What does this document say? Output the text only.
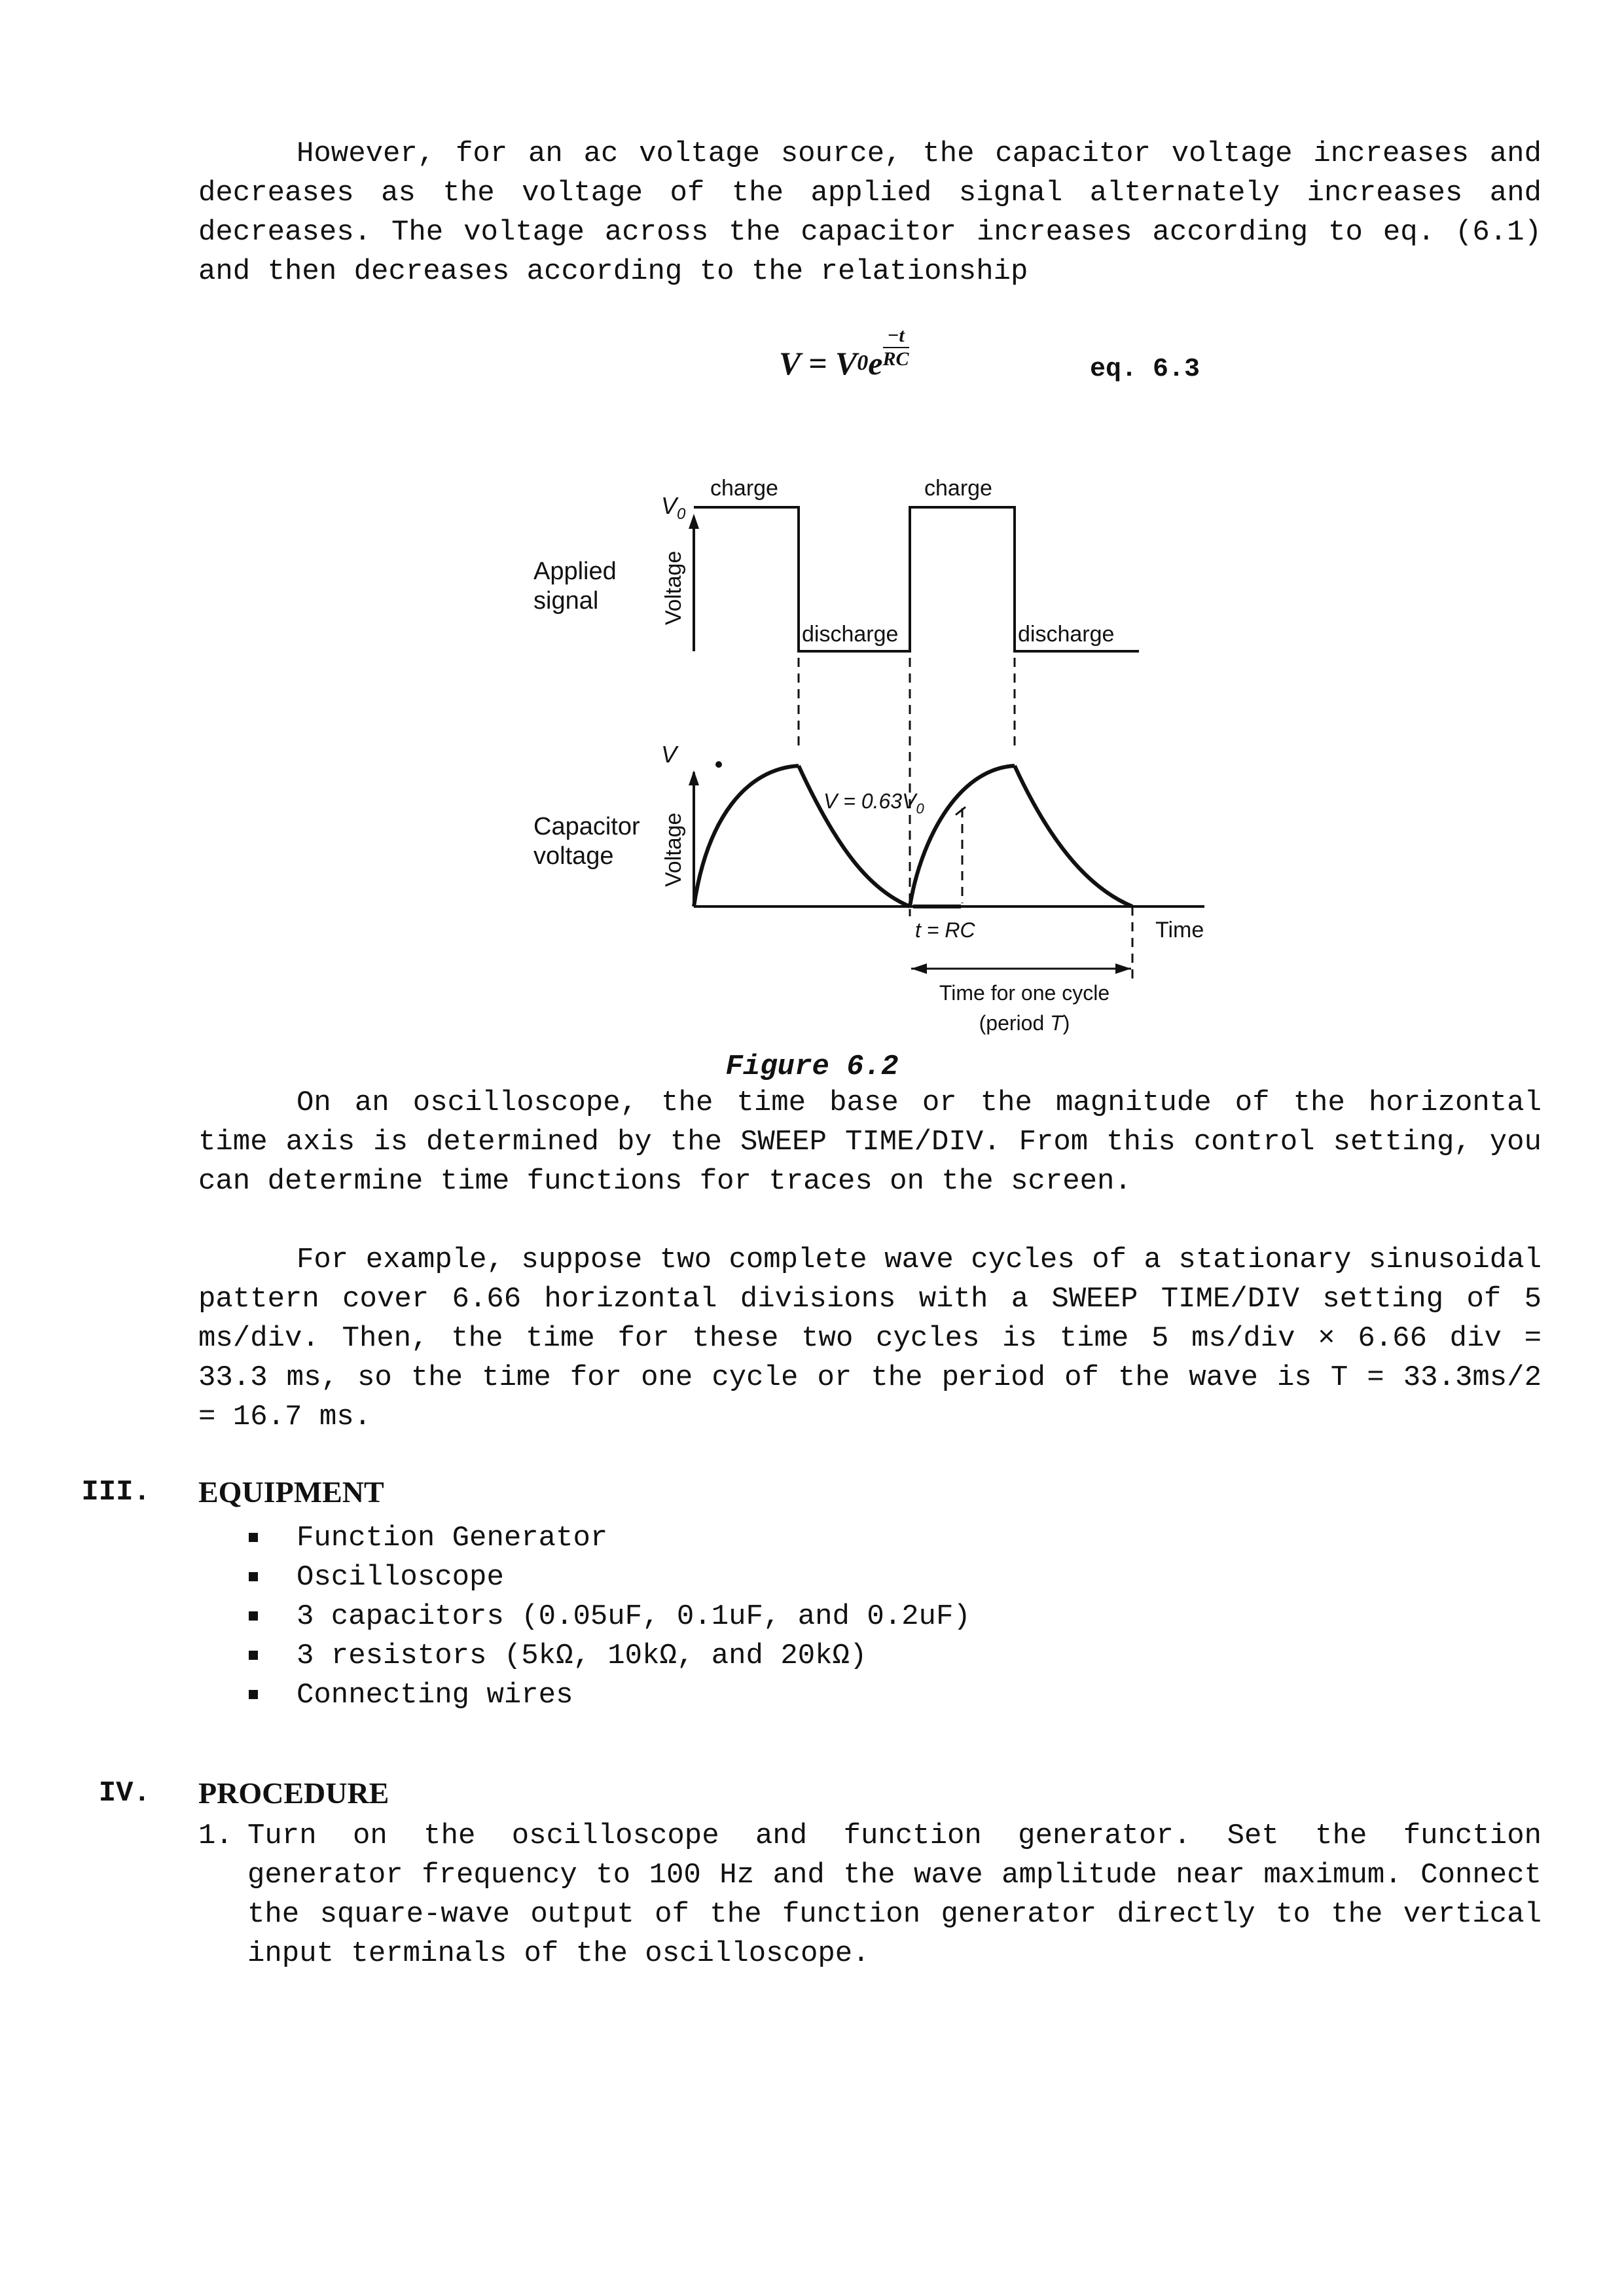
However, for an ac voltage source, the capacitor voltage increases and decreases as the voltage of the applied signal alternately increases and decreases. The voltage across the capacitor increases according to eq. (6.1) and then decreases according to the relationship

V = V 0 e $\frac{-t}{RC}$
eq. 6.3
Applied
signal	Voltage
$V_0$
charge	charge
discharge	discharge
Capacitor
voltage Voltage
V
$V = 0.63V_0$
t = RC	Time
Time for one cycle
(period T)
Figure 6.2

On an oscilloscope, the time base or the magnitude of the horizontal time axis is determined by the SWEEP TIME/DIV. From this control setting, you can determine time functions for traces on the screen.

For example, suppose two complete wave cycles of a stationary sinusoidal pattern cover 6.66 horizontal divisions with a SWEEP TIME/DIV setting of 5 ms/div. Then, the time for these two cycles is time 5 ms/div × 6.66 div = 33.3 ms, so the time for one cycle or the period of the wave is T = 33.3ms/2 = 16.7 ms.

III. EQUIPMENT
Function Generator
Oscilloscope
3 capacitors (0.05uF, 0.1uF, and 0.2uF)
3 resistors (5kΩ, 10kΩ, and 20kΩ)
Connecting wires
IV. PROCEDURE
1. Turn on the oscilloscope and function generator. Set the function generator frequency to 100 Hz and the wave amplitude near maximum. Connect the square-wave output of the function generator directly to the vertical input terminals of the oscilloscope.
